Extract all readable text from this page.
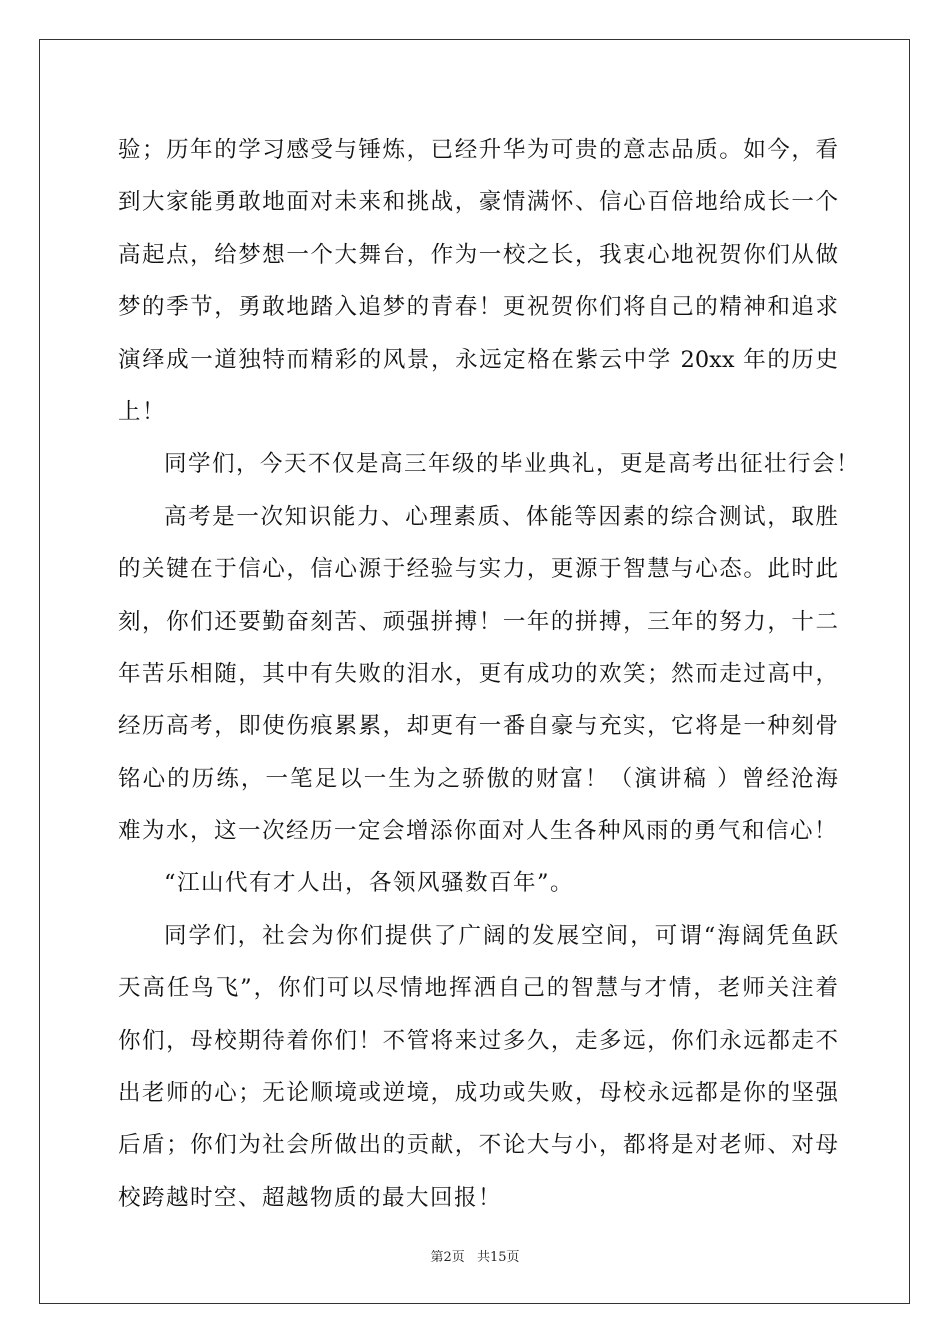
验；历年的学习感受与锤炼，已经升华为可贵的意志品质。如今，看
到大家能勇敢地面对未来和挑战，豪情满怀、信心百倍地给成长一个
高起点，给梦想一个大舞台，作为一校之长，我衷心地祝贺你们从做
梦的季节，勇敢地踏入追梦的青春！更祝贺你们将自己的精神和追求
演绎成一道独特而精彩的风景，永远定格在紫云中学 20xx 年的历史
上！
同学们，今天不仅是高三年级的毕业典礼，更是高考出征壮行会！
高考是一次知识能力、心理素质、体能等因素的综合测试，取胜
的关键在于信心，信心源于经验与实力，更源于智慧与心态。此时此
刻，你们还要勤奋刻苦、顽强拼搏！一年的拼搏，三年的努力，十二
年苦乐相随，其中有失败的泪水，更有成功的欢笑；然而走过高中，
经历高考，即使伤痕累累，却更有一番自豪与充实，它将是一种刻骨
铭心的历练，一笔足以一生为之骄傲的财富！（演讲稿 ）曾经沧海
难为水，这一次经历一定会增添你面对人生各种风雨的勇气和信心！
“江山代有才人出，各领风骚数百年”。
同学们，社会为你们提供了广阔的发展空间，可谓“海阔凭鱼跃
天高任鸟飞”，你们可以尽情地挥洒自己的智慧与才情，老师关注着
你们，母校期待着你们！不管将来过多久，走多远，你们永远都走不
出老师的心；无论顺境或逆境，成功或失败，母校永远都是你的坚强
后盾；你们为社会所做出的贡献，不论大与小，都将是对老师、对母
校跨越时空、超越物质的最大回报！
第2页 共15页
